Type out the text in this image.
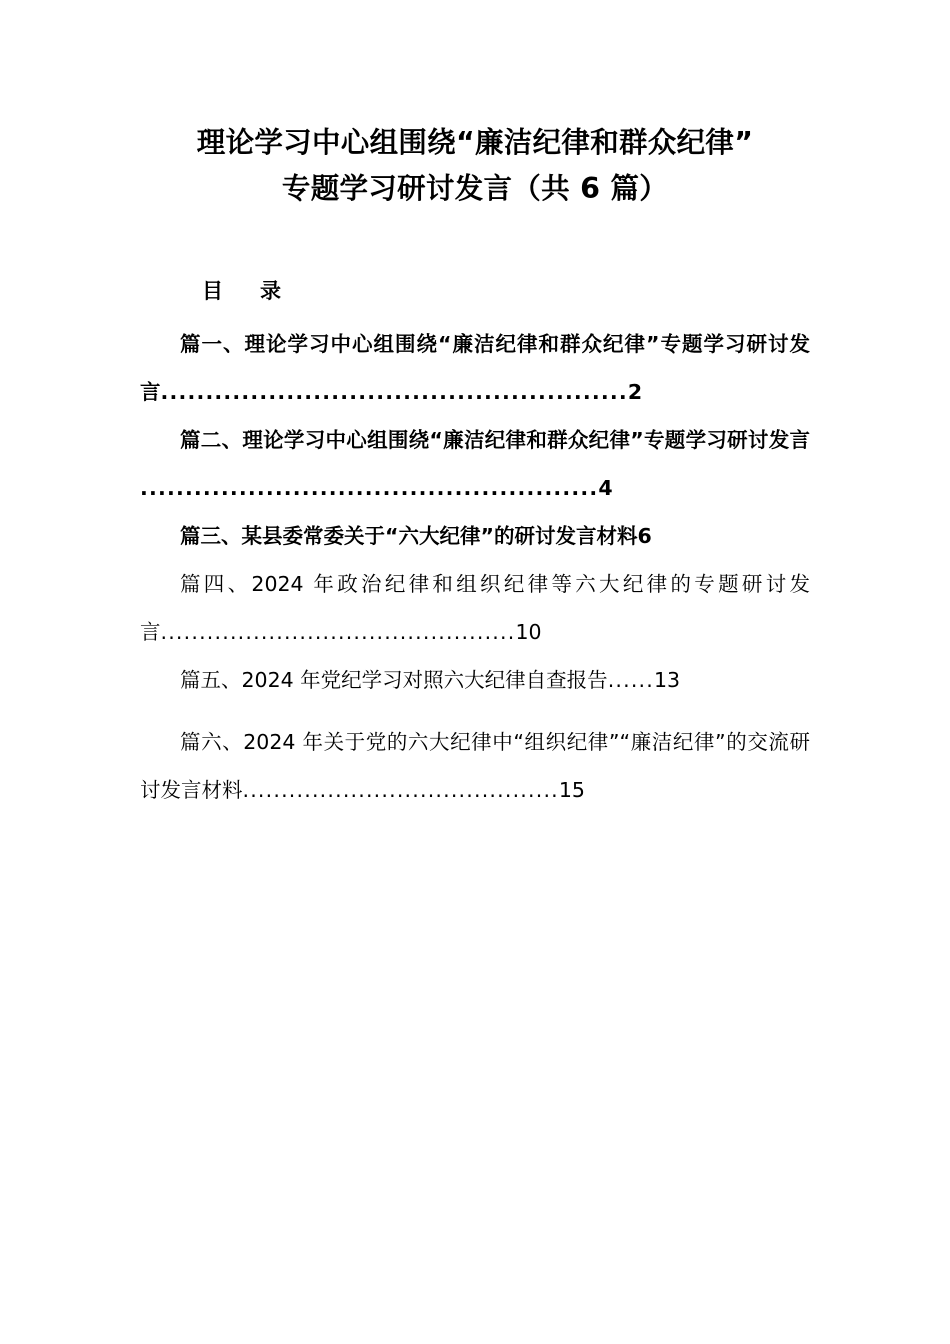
理论学习中心组围绕“廉洁纪律和群众纪律”
专题学习研讨发言（共 6 篇）
目　录
篇一、理论学习中心组围绕“廉洁纪律和群众纪律”专题学习研讨发言....................................................2
篇二、理论学习中心组围绕“廉洁纪律和群众纪律”专题学习研讨发言 ...................................................4
篇三、某县委常委关于“六大纪律”的研讨发言材料6
篇四、2024 年政治纪律和组织纪律等六大纪律的专题研讨发言..............................................10
篇五、2024 年党纪学习对照六大纪律自查报告......13
篇六、2024 年关于党的六大纪律中“组织纪律”“廉洁纪律”的交流研讨发言材料.........................................15
